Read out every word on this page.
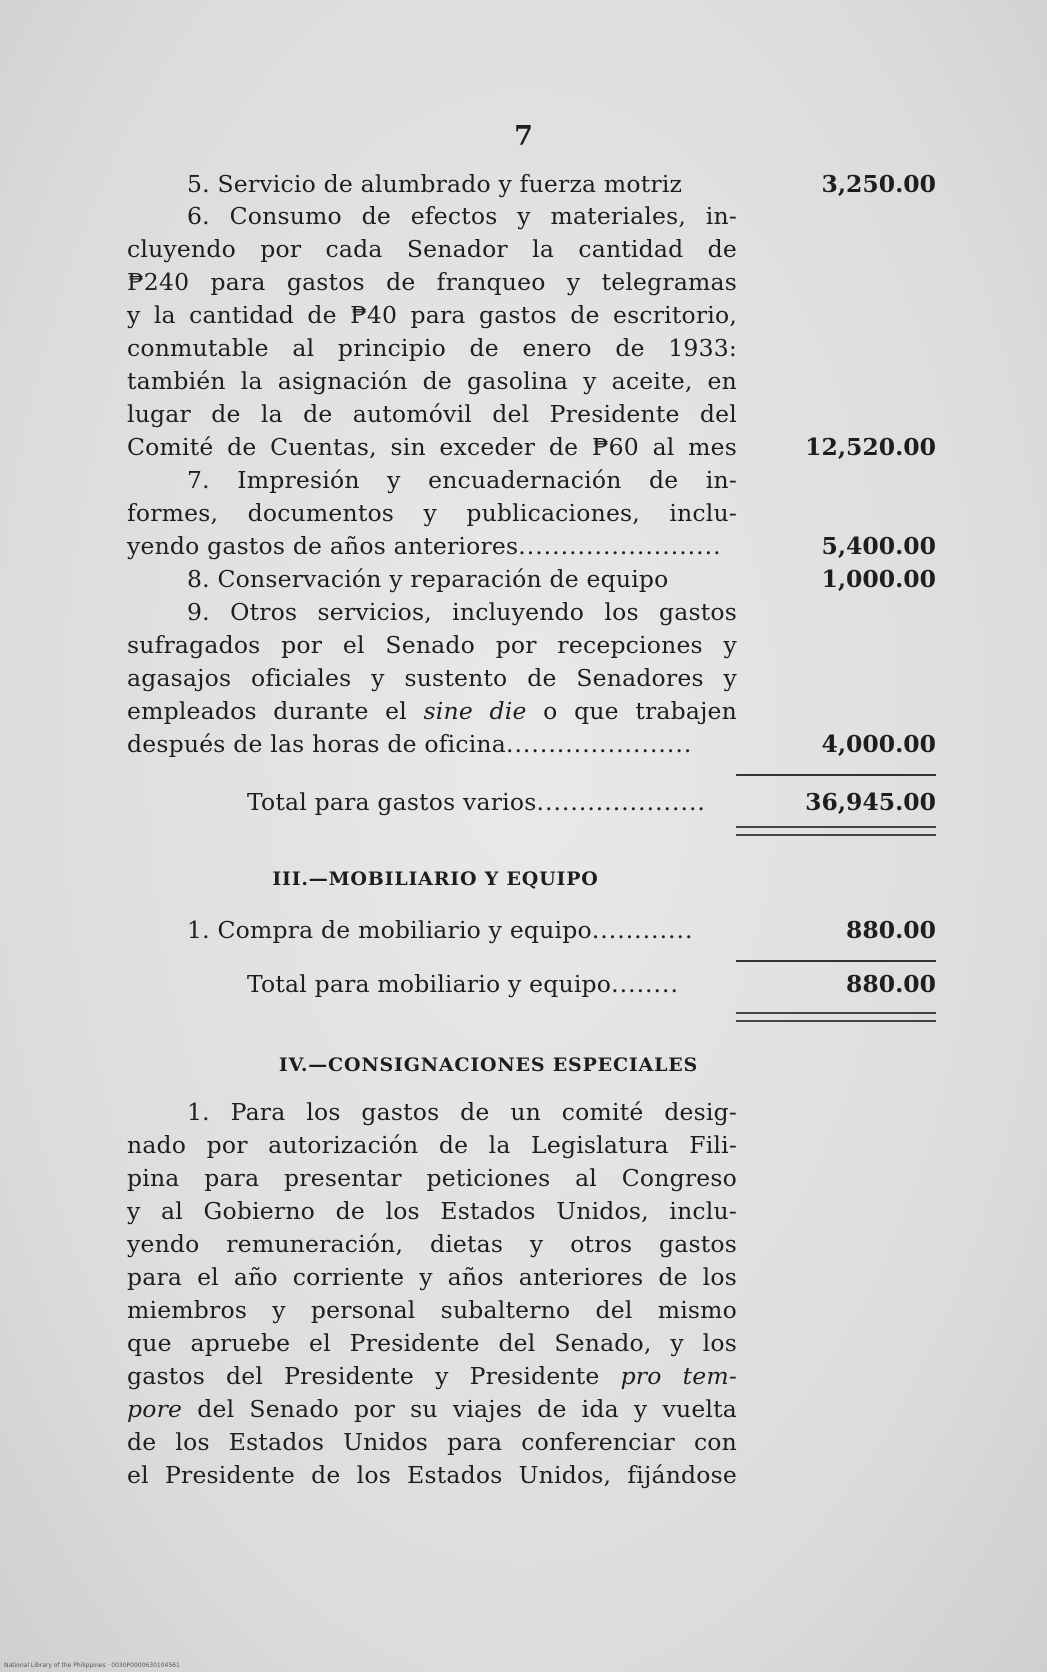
7
5. Servicio de alumbrado y fuerza motriz	3,250.00
6. Consumo de efectos y materiales, in-
cluyendo por cada Senador la cantidad de
₱240 para gastos de franqueo y telegramas
y la cantidad de ₱40 para gastos de escritorio,
conmutable al principio de enero de 1933:
también la asignación de gasolina y aceite, en
lugar de la de automóvil del Presidente del
Comité de Cuentas, sin exceder de ₱60 al mes	12,520.00
7. Impresión y encuadernación de in-
formes, documentos y publicaciones, inclu-
yendo gastos de años anteriores........................	5,400.00
8. Conservación y reparación de equipo	1,000.00
9. Otros servicios, incluyendo los gastos
sufragados por el Senado por recepciones y
agasajos oficiales y sustento de Senadores y
empleados durante el sine die o que trabajen
después de las horas de oficina......................	4,000.00
Total para gastos varios....................	36,945.00
III.—MOBILIARIO Y EQUIPO
1. Compra de mobiliario y equipo............	880.00
Total para mobiliario y equipo........	880.00
IV.—CONSIGNACIONES ESPECIALES
1. Para los gastos de un comité desig-
nado por autorización de la Legislatura Fili-
pina para presentar peticiones al Congreso
y al Gobierno de los Estados Unidos, inclu-
yendo remuneración, dietas y otros gastos
para el año corriente y años anteriores de los
miembros y personal subalterno del mismo
que apruebe el Presidente del Senado, y los
gastos del Presidente y Presidente pro tem-
pore del Senado por su viajes de ida y vuelta
de los Estados Unidos para conferenciar con
el Presidente de los Estados Unidos, fijándose
National Library of the Philippines · 0030P0000630104561
